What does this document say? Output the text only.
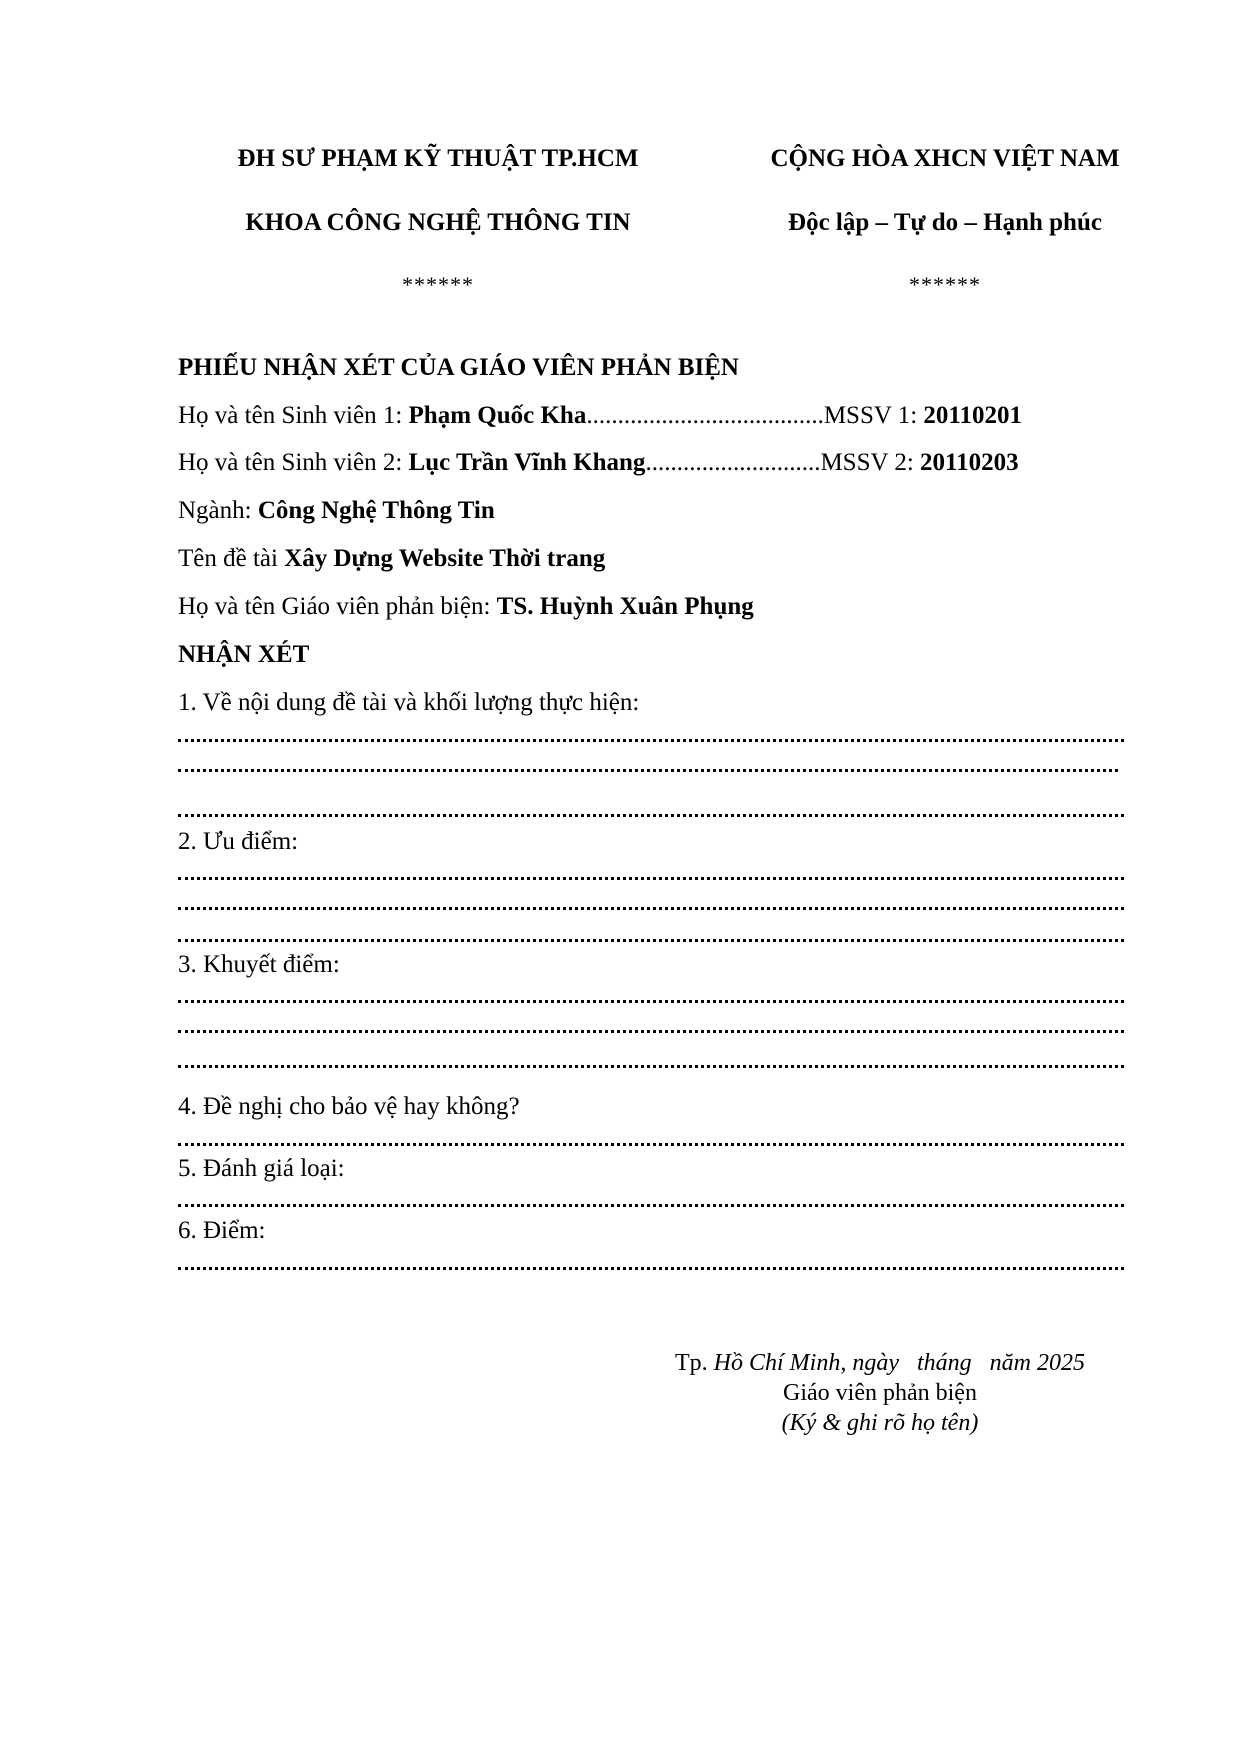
ĐH SƯ PHẠM KỸ THUẬT TP.HCM
KHOA CÔNG NGHỆ THÔNG TIN
******
CỘNG HÒA XHCN VIỆT NAM
Độc lập – Tự do – Hạnh phúc
******
PHIẾU NHẬN XÉT CỦA GIÁO VIÊN PHẢN BIỆN
Họ và tên Sinh viên 1: Phạm Quốc Kha......................................MSSV 1: 20110201
Họ và tên Sinh viên 2: Lục Trần Vĩnh Khang............................MSSV 2: 20110203
Ngành: Công Nghệ Thông Tin
Tên đề tài Xây Dựng Website Thời trang
Họ và tên Giáo viên phản biện: TS. Huỳnh Xuân Phụng
NHẬN XÉT
1. Về nội dung đề tài và khối lượng thực hiện:
2. Ưu điểm:
3. Khuyết điểm:
4. Đề nghị cho bảo vệ hay không?
5. Đánh giá loại:
6. Điểm:
Tp. Hồ Chí Minh, ngày   tháng   năm 2025
Giáo viên phản biện
(Ký & ghi rõ họ tên)
